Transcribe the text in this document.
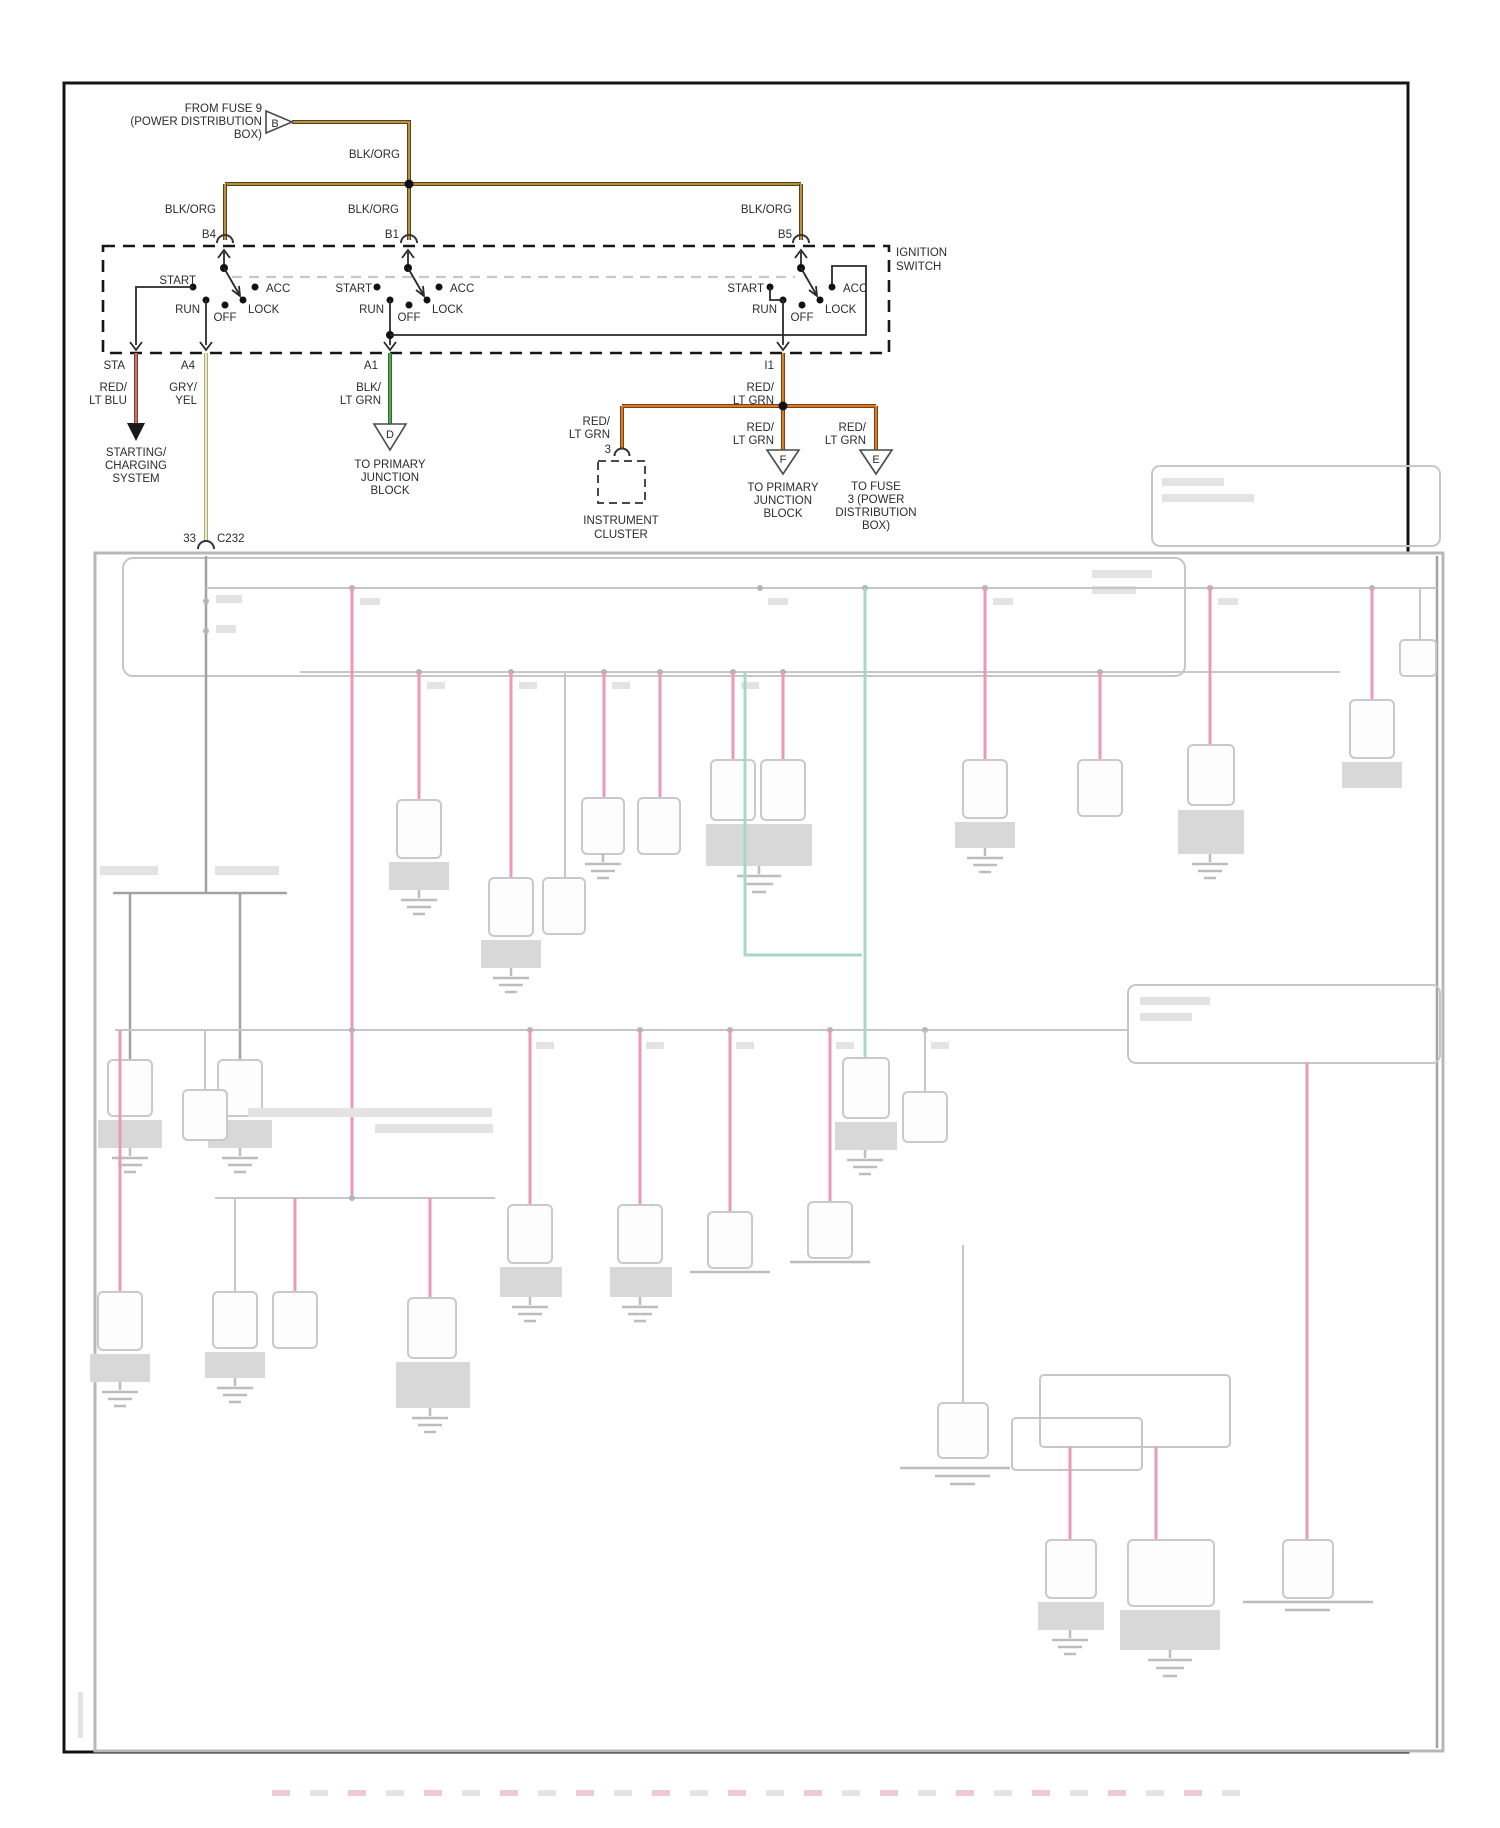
FROM FUSE 9
(POWER DISTRIBUTION
BOX)
B
BLK/ORG
BLK/ORG	BLK/ORG	BLK/ORG
B4	B1	B5
IGNITION
SWITCH
START
ACC
RUN
OFF
LOCK
START	ACC
RUN
OFF
LOCK
START	ACC
RUN
OFF
LOCK
STA	A4	A1	I1
RED/
LT BLU
GRY/
YEL
BLK/
LT GRN
RED/
LT GRN
STARTING/
CHARGING
SYSTEM
33 C232
D
TO PRIMARY
JUNCTION
BLOCK
RED/
LT GRN
3
INSTRUMENT
CLUSTER
RED/
LT GRN
F
TO PRIMARY
JUNCTION
BLOCK
RED/
LT GRN
E
TO FUSE
3 (POWER
DISTRIBUTION
BOX)
